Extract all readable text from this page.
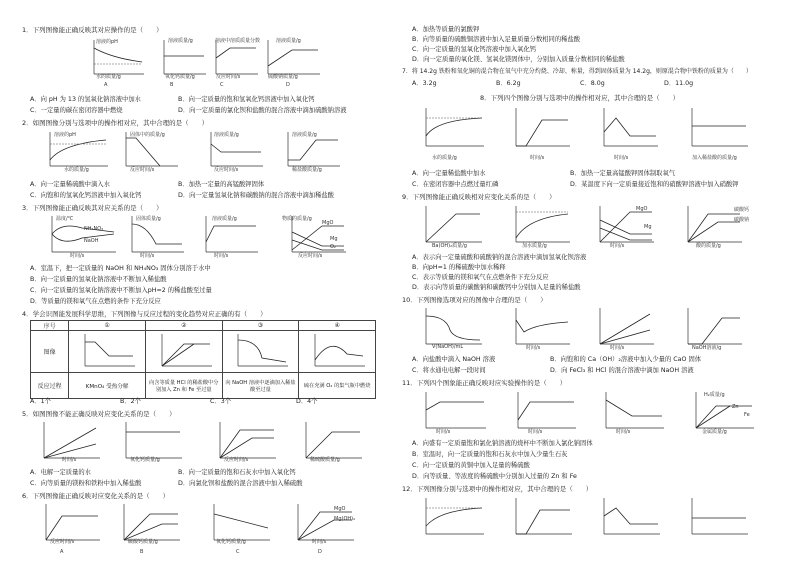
1．下列图像能正确反映其对应操作的是（　　）
溶液的pH
水的质量/g
溶液质量/g
氧化钙质量/g
溶液中溶质质量分数
反应时间/s
溶液质量/g
硫酸钠质量/g
A	B	C	D
A．向 pH 为 13 的氢氧化钠溶液中加水	B．向一定质量的饱和氢氧化钙溶液中加入氧化钙
C．一定量的碳在密闭容器中燃烧	D．向一定质量的氯化钡和盐酸的混合溶液中滴加硫酸钠溶液
2．如图图像分别与选项中的操作相对应，其中合理的是（　　）
溶液的pH
水的质量/g
固体中的质量/g
反应时间/s
溶液质量/g
反应时间/s
溶液质量/g
稀盐酸质量/g
A．向一定量稀硫酸中滴入水	B．加热一定量的高锰酸钾固体
C．向饱和的氢氧化钙溶液中加入氧化钙	D．向一定量氢氧化钠和碳酸钠的混合溶液中滴加稀盐酸
3．下列图像能正确反映其对应关系的是（　　）
温度/℃
NH₄NO₃
NaOH
时间/s
固体质量/g
时间/s
溶液质量/g
时间/s
物质的质量/g
MgO
Mg
O₂
反应时间/s
A．室温下，把一定质量的 NaOH 和 NH₄NO₃ 固体分别溶于水中
B．向一定质量的氢氧化钠溶液中不断加入稀盐酸
C．向一定质量的氢氧化钠溶液中不断加入pH=2 的稀盐酸至过量
D．等质量的镁和氧气在点燃的条件下充分反应
4．学会识图能发展科学思维，下列图像与反应过程的变化趋势对应正确的有（　　）
序号	①	②	③	④
图像				
反应过程	KMnO₄ 受热分解	向含等质量 HCl 的稀盐酸中分别加入 Zn 和 Fe 至过量	向 NaOH 溶液中逐滴加入稀盐酸至过量	硫在充满 O₂ 的集气瓶中燃烧
A．1个	B．2个	C．3个	D．4个
5．如图图像不能正确反映对应变化关系的是（　　）
时间/s	氧化钙质量/g	反应时间/s	稀硫酸质量/g
A．电解一定质量的水	B．向一定质量的饱和石灰水中加入氧化钙
C．向等质量的镁粉和铁粉中加入稀盐酸	D．向氯化钡和盐酸的混合溶液中加入稀硫酸
6．下列图像能正确反映对应变化关系的是（　　）
反应时间/s	碳酸钙质量/g	氧化钙质量/g
MgO
Mg(OH)₂
时间/s
A	B	C	D
A．加热等质量的氯酸钾
B．向等质量的硫酸铜溶液中加入足量质量分数相同的稀盐酸
C．向一定质量的氢氧化钙溶液中加入氧化钙
D．向一定质量的氧化镁、氢氧化镁固体中，分别加入质量分数相同的稀盐酸
7．将 14.2g 铁粉和氧化铜的混合物在氧气中充分灼烧、冷却、称量，得到固体质量为 14.2g，则原混合物中铁粉的质量为（　　）
A．3.2g	B．6.2g	C．8.0g	D．11.0g
8．下列四个图像分别与选项中的操作相对应，其中合理的是（　　）
水的质量/g	时间/s	时间/s	加入稀盐酸的质量/g
A．向一定量稀盐酸中加水	B．加热一定量高锰酸钾固体制取氧气
C．在密闭容器中点燃过量红磷	D．某温度下向一定质量接近饱和的硝酸钾溶液中加入硝酸钾
9．下列图像能正确反映相对应变化关系的是（　　）
Ba(OH)₂质量/g	加水质量/g
MgO
Mg
时间/s
碳酸钙
碳酸钠
酸的质量/g
A．表示向一定量硫酸和硫酸钠的混合溶液中滴加氢氧化钡溶液
B．向pH=1 的稀硫酸中加水稀释
C．表示等质量的镁和氧气在点燃条件下充分反应
D．表示向等质量的碳酸钠和碳酸钙中分别加入足量的稀盐酸
10．下列图像选项对应的图像中合理的是（　　）
V(NaOH)/mL	时间/s	时间/s	NaOH溶液/g
A．向盐酸中滴入 NaOH 溶液	B．向饱和的 Ca（OH）₂溶液中加入少量的 CaO 固体
C．将水通电电解一段时间	D．向 FeCl₃ 和 HCl 的混合溶液中滴加 NaOH 溶液
11．下列四个图象能正确反映对应实验操作的是（　　）
时间/s	时间/s	时间/s
H₂质量/g
Zn
Fe
金属质量/g
A．向盛有一定质量饱和氯化钠溶液的烧杯中不断加入氯化钠固体
B．室温时，向一定质量的饱和石灰水中加入少量生石灰
C．向一定质量的黄铜中加入足量的稀硫酸
D．向等质量、等浓度的稀硫酸中分别加入过量的 Zn 和 Fe
12．下列图像分别与选项中的操作相对应，其中合理的是（　　）
